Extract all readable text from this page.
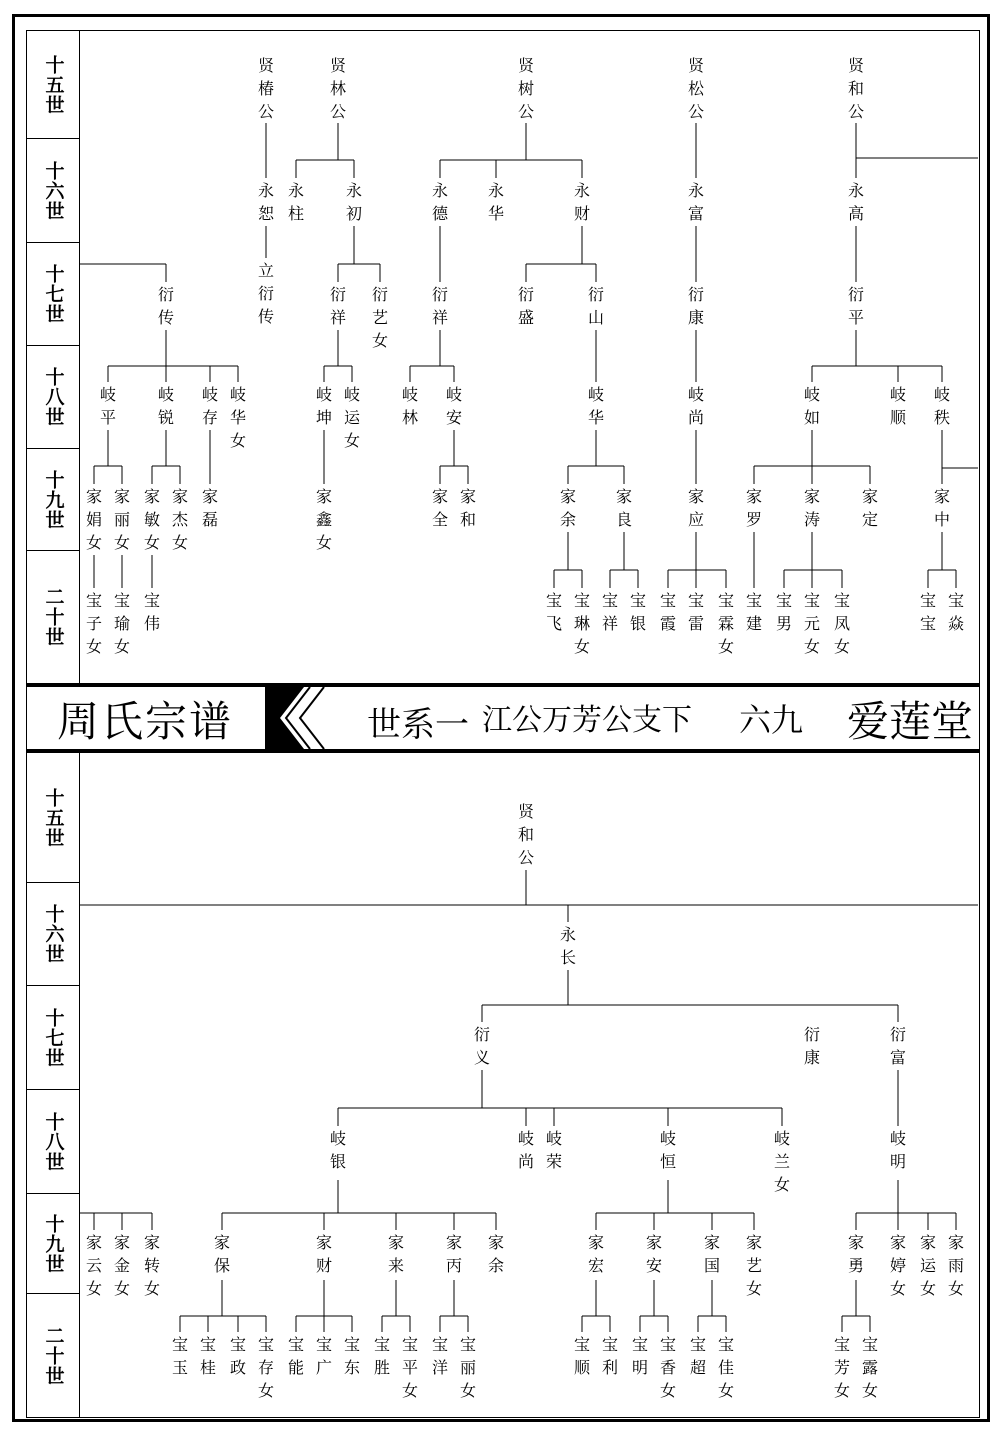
十五世
十六世
十七世
十八世
十九世
二十世
十五世
十六世
十七世
十八世
十九世
二十世
周氏宗谱	世系一 江公万芳公支下 六九 爱莲堂
贤椿公
贤林公
贤树公
贤松公
贤和公
永恕
永柱
永初
永德
永华
永财
永富
永高
衍传
立衍传
衍祥
衍艺女
衍祥
衍盛
衍山
衍康
衍平
岐平
岐锐
岐存
岐华女
岐坤
岐运女
岐林
岐安
岐华
岐尚
岐如
岐顺
岐秩
家娟女
家丽女
家敏女
家杰女
家磊
家鑫女
家全
家和
家余
家良
家应
家罗
家涛
家定
家中
宝子女
宝瑜女
宝伟
宝飞
宝琳女
宝祥
宝银
宝霞
宝雷
宝霖女
宝建
宝男
宝元女
宝凤女
宝宝
宝焱
贤和公
永长
衍义
衍康
衍富
岐银
岐尚
岐荣
岐恒
岐兰女
岐明
家云女
家金女
家转女
家保
家财
家来
家丙
家余
家宏
家安
家国
家艺女
家勇
家婷女
家运女
家雨女
宝玉
宝桂
宝政
宝存女
宝能
宝广
宝东
宝胜
宝平女
宝洋
宝丽女
宝顺
宝利
宝明
宝香女
宝超
宝佳女
宝芳女
宝露女
